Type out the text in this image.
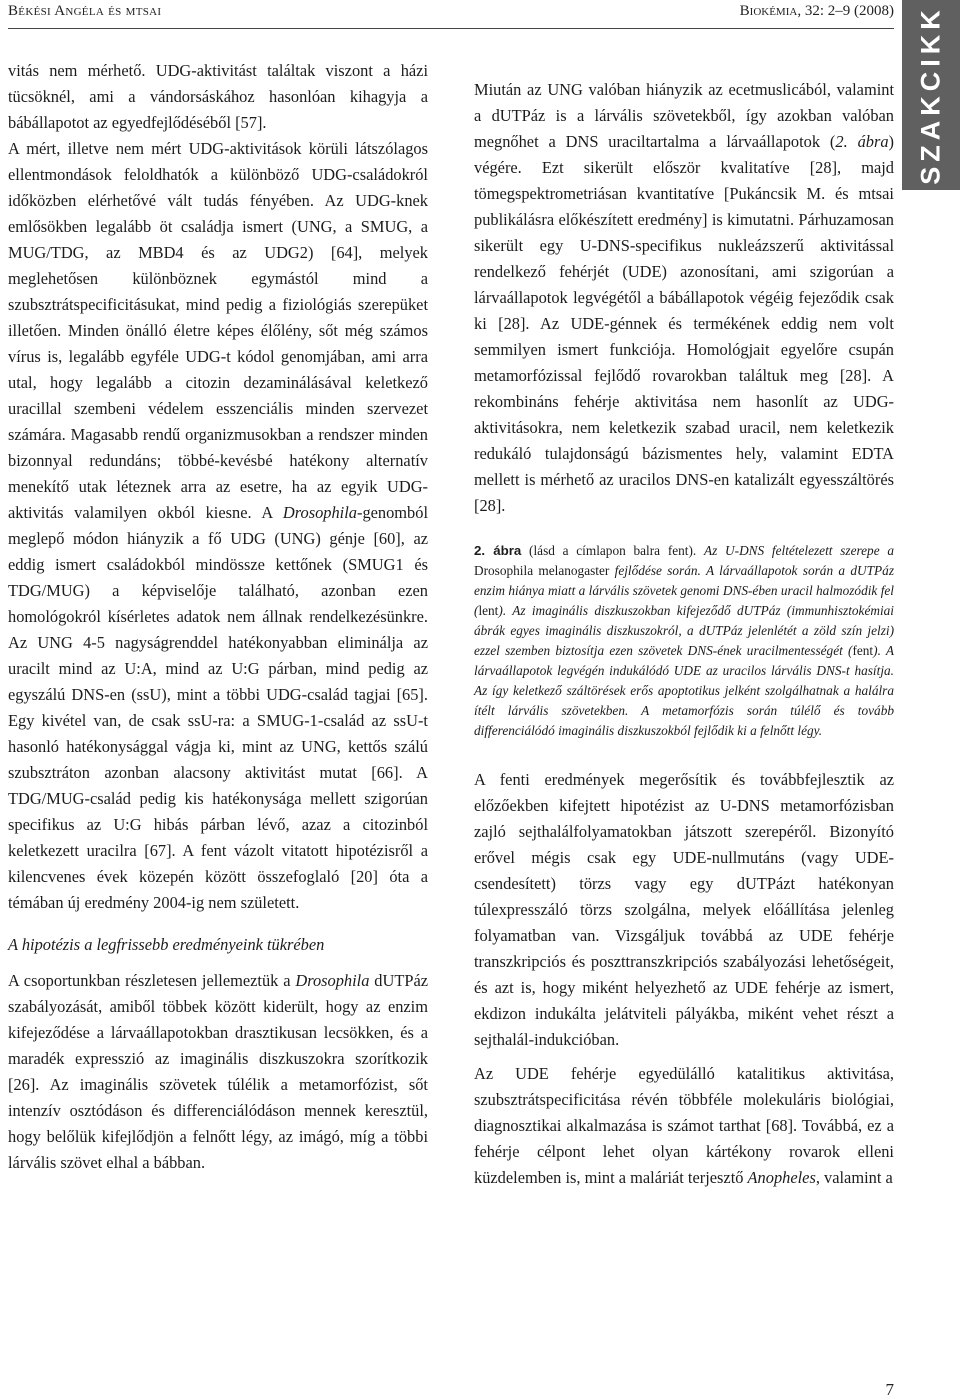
Békési Angéla és mtsai	Biokémia, 32: 2–9 (2008) SZAKCIKK

vitás nem mérhető. UDG-aktivitást találtak viszont a házi tücsöknél, ami a vándorsáskához hasonlóan kihagyja a bábállapotot az egyedfejlődéséből [57].

A mért, illetve nem mért UDG-aktivitások körüli látszólagos ellentmondások feloldhatók a különböző UDG-családokról időközben elérhetővé vált tudás fényében. Az UDG-knek emlősökben legalább öt családja ismert (UNG, a SMUG, a MUG/TDG, az MBD4 és az UDG2) [64], melyek meglehetősen különböznek egymástól mind a szubsztrátspecificitásukat, mind pedig a fiziológiás szerepüket illetően. Minden önálló életre képes élőlény, sőt még számos vírus is, legalább egyféle UDG-t kódol genomjában, ami arra utal, hogy legalább a citozin dezaminálásával keletkező uracillal szembeni védelem esszenciális minden szervezet számára. Magasabb rendű organizmusokban a rendszer minden bizonnyal redundáns; többé-kevésbé hatékony alternatív menekítő utak léteznek arra az esetre, ha az egyik UDG-aktivitás valamilyen okból kiesne. A Drosophila-genomból meglepő módon hiányzik a fő UDG (UNG) génje [60], az eddig ismert családokból mindössze kettőnek (SMUG1 és TDG/MUG) a képviselője található, azonban ezen homológokról kísérletes adatok nem állnak rendelkezésünkre. Az UNG 4-5 nagyságrenddel hatékonyabban eliminálja az uracilt mind az U:A, mind az U:G párban, mind pedig az egyszálú DNS-en (ssU), mint a többi UDG-család tagjai [65]. Egy kivétel van, de csak ssU-ra: a SMUG-1-család az ssU-t hasonló hatékonysággal vágja ki, mint az UNG, kettős szálú szubsztráton azonban alacsony aktivitást mutat [66]. A TDG/MUG-család pedig kis hatékonysága mellett szigorúan specifikus az U:G hibás párban lévő, azaz a citozinból keletkezett uracilra [67]. A fent vázolt vitatott hipotézisről a kilencvenes évek közepén között összefoglaló [20] óta a témában új eredmény 2004-ig nem született.

A hipotézis a legfrissebb eredményeink tükrében

A csoportunkban részletesen jellemeztük a Drosophila dUTPáz szabályozását, amiből többek között kiderült, hogy az enzim kifejeződése a lárvaállapotokban drasztikusan lecsökken, és a maradék expresszió az imaginális diszkuszokra szorítkozik [26]. Az imaginális szövetek túlélik a metamorfózist, sőt intenzív osztódáson és differenciálódáson mennek keresztül, hogy belőlük kifejlődjön a felnőtt légy, az imágó, míg a többi lárvális szövet elhal a bábban.

Miután az UNG valóban hiányzik az ecetmuslicából, valamint a dUTPáz is a lárvális szövetekből, így azokban valóban megnőhet a DNS uraciltartalma a lárvaállapotok (2. ábra) végére. Ezt sikerült először kvalitatíve [28], majd tömegspektrometriásan kvantitatíve [Pukáncsik M. és mtsai publikálásra előkészített eredmény] is kimutatni. Párhuzamosan sikerült egy U-DNS-specifikus nukleázszerű aktivitással rendelkező fehérjét (UDE) azonosítani, ami szigorúan a lárvaállapotok legvégétől a bábállapotok végéig fejeződik csak ki [28]. Az UDE-génnek és termékének eddig nem volt semmilyen ismert funkciója. Homológjait egyelőre csupán metamorfózissal fejlődő rovarokban találtuk meg [28]. A rekombináns fehérje aktivitása nem hasonlít az UDG-aktivitásokra, nem keletkezik szabad uracil, nem keletkezik redukáló tulajdonságú bázismentes hely, valamint EDTA mellett is mérhető az uracilos DNS-en katalizált egyesszáltörés [28].

2. ábra (lásd a címlapon balra fent). Az U-DNS feltételezett szerepe a Drosophila melanogaster fejlődése során. A lárvaállapotok során a dUTPáz enzim hiánya miatt a lárvális szövetek genomi DNS-ében uracil halmozódik fel (lent). Az imaginális diszkuszokban kifejeződő dUTPáz (immunhisztokémiai ábrák egyes imaginális diszkuszokról, a dUTPáz jelenlétét a zöld szín jelzi) ezzel szemben biztosítja ezen szövetek DNS-ének uracilmentességét (fent). A lárvaállapotok legvégén indukálódó UDE az uracilos lárvális DNS-t hasítja. Az így keletkező száltörések erős apoptotikus jelként szolgálhatnak a halálra ítélt lárvális szövetekben. A metamorfózis során túlélő és tovább differenciálódó imaginális diszkuszokból fejlődik ki a felnőtt légy.

A fenti eredmények megerősítik és továbbfejlesztik az előzőekben kifejtett hipotézist az U-DNS metamorfózisban zajló sejthalálfolyamatokban játszott szerepéről. Bizonyító erővel mégis csak egy UDE-nullmutáns (vagy UDE-csendesített) törzs vagy egy dUTPázt hatékonyan túlexpresszáló törzs szolgálna, melyek előállítása jelenleg folyamatban van. Vizsgáljuk továbbá az UDE fehérje transzkripciós és poszttranszkripciós szabályozási lehetőségeit, és azt is, hogy miként helyezhető az UDE fehérje az ismert, ekdizon indukálta jelátviteli pályákba, miként vehet részt a sejthalál-indukcióban.

Az UDE fehérje egyedülálló katalitikus aktivitása, szubsztrátspecificitása révén többféle molekuláris biológiai, diagnosztikai alkalmazása is számot tarthat [68]. Továbbá, ez a fehérje célpont lehet olyan kártékony rovarok elleni küzdelemben is, mint a maláriát terjesztő Anopheles, valamint a

7
